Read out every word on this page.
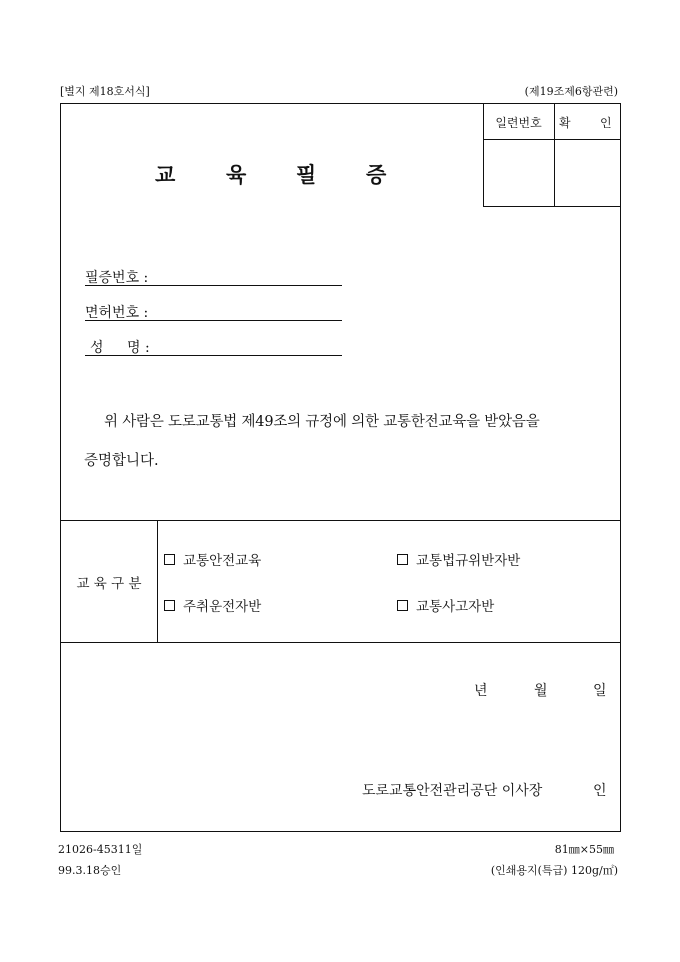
[별지 제18호서식]	(제19조제6항관련)
일련번호	확 인
교 육 필 증
필증번호 :
면허번호 :
성 명 :
위 사람은 도로교통법 제49조의 규정에 의한 교통한전교육을 받았음을
증명합니다.
교 육 구 분
교통안전교육	교통법규위반자반
주취운전자반	교통사고자반
년	월	일
도로교통안전관리공단 이사장	인
21026-45311일
99.3.18승인
81㎜×55㎜
(인쇄용지(특급) 120g/㎡)
